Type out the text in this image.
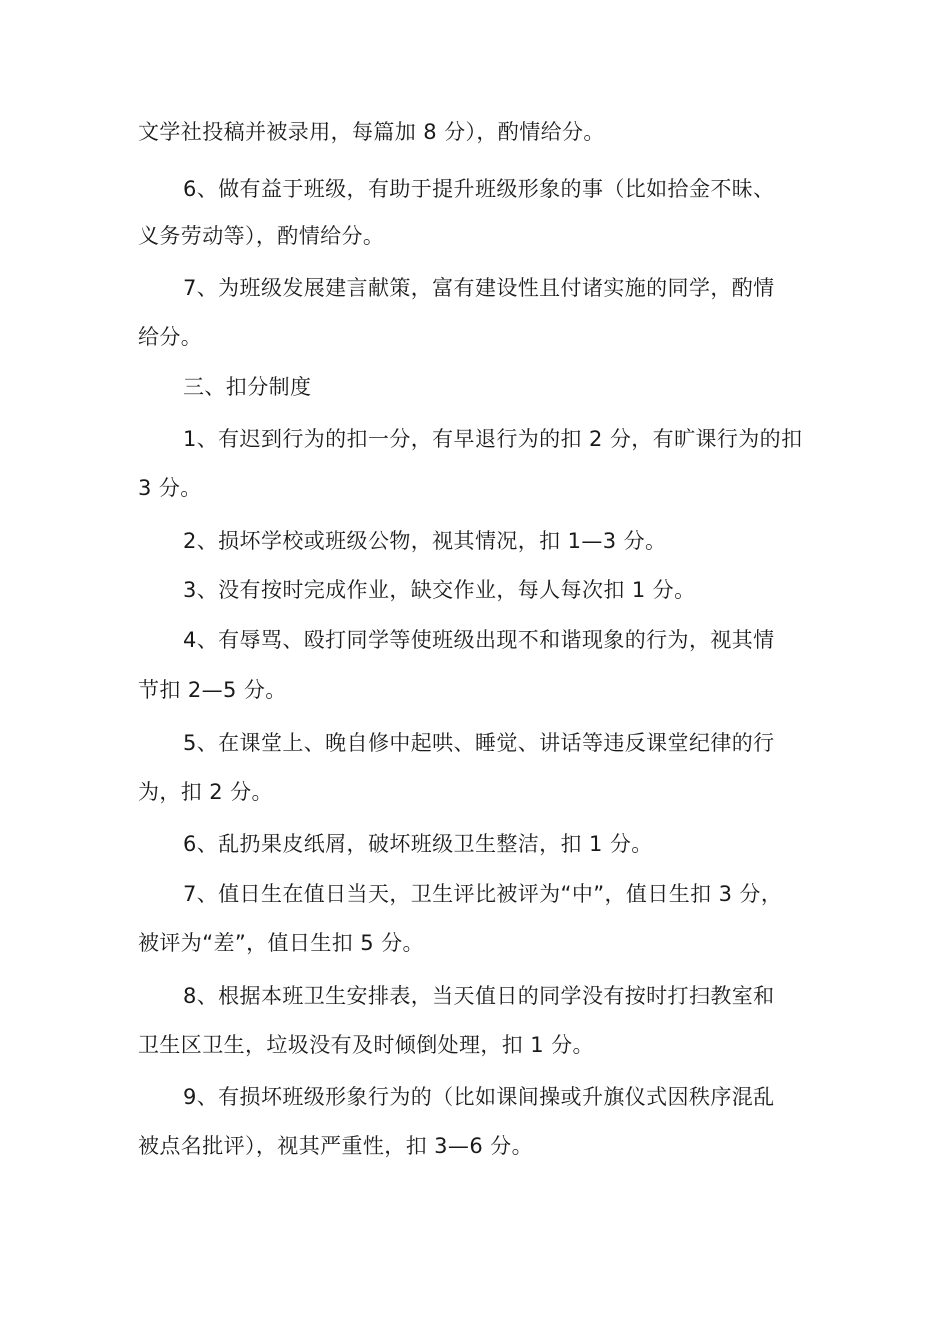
文学社投稿并被录用，每篇加 8 分），酌情给分。
6、做有益于班级，有助于提升班级形象的事（比如拾金不昧、
义务劳动等），酌情给分。
7、为班级发展建言献策，富有建设性且付诸实施的同学，酌情
给分。
三、扣分制度
1、有迟到行为的扣一分，有早退行为的扣 2 分，有旷课行为的扣
3 分。
2、损坏学校或班级公物，视其情况，扣 1—3 分。
3、没有按时完成作业，缺交作业，每人每次扣 1 分。
4、有辱骂、殴打同学等使班级出现不和谐现象的行为，视其情
节扣 2—5 分。
5、在课堂上、晚自修中起哄、睡觉、讲话等违反课堂纪律的行
为，扣 2 分。
6、乱扔果皮纸屑，破坏班级卫生整洁，扣 1 分。
7、值日生在值日当天，卫生评比被评为“中”，值日生扣 3 分，
被评为“差”，值日生扣 5 分。
8、根据本班卫生安排表，当天值日的同学没有按时打扫教室和
卫生区卫生，垃圾没有及时倾倒处理，扣 1 分。
9、有损坏班级形象行为的（比如课间操或升旗仪式因秩序混乱
被点名批评），视其严重性，扣 3—6 分。
